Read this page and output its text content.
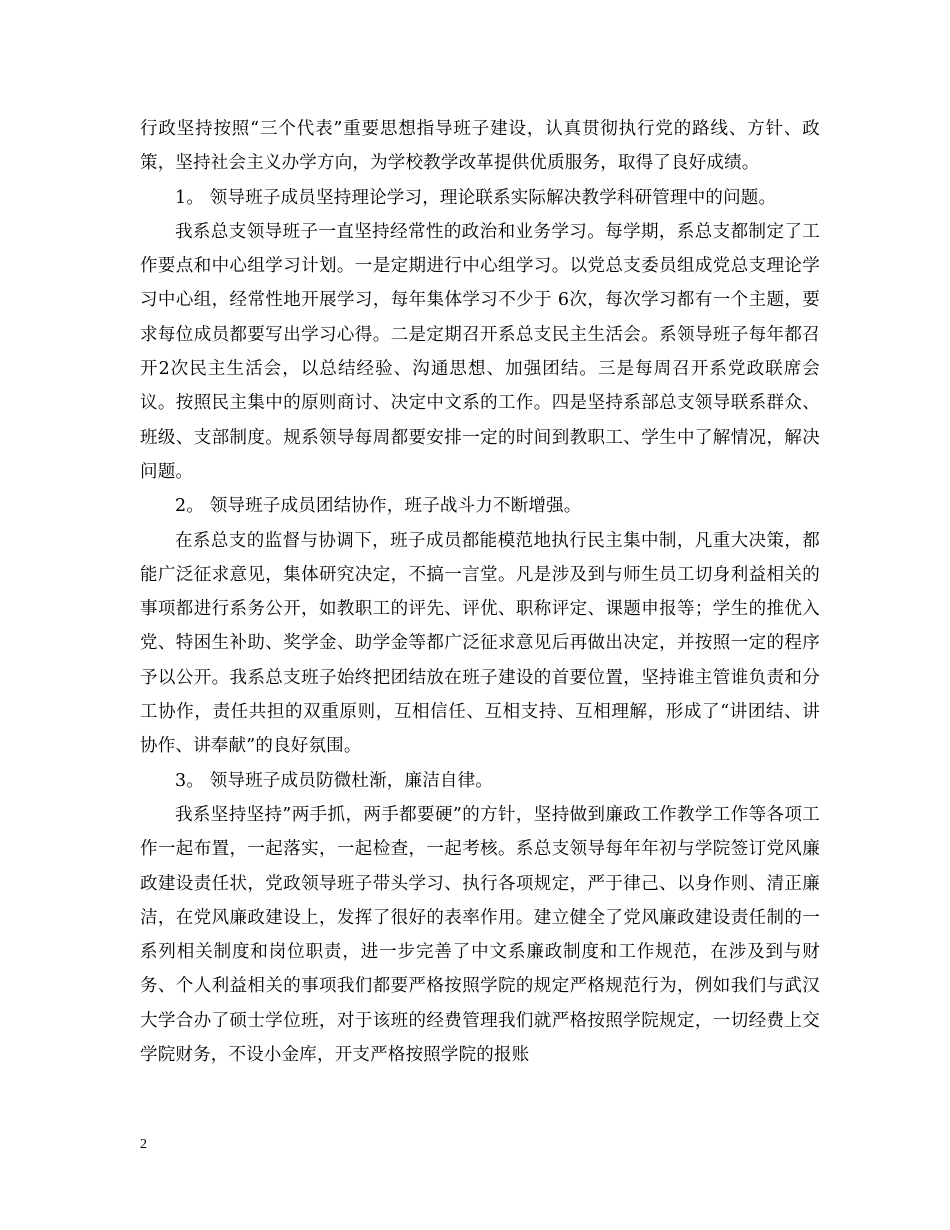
行政坚持按照“三个代表”重要思想指导班子建设，认真贯彻执行党的路线、方针、政策，坚持社会主义办学方向，为学校教学改革提供优质服务，取得了良好成绩。

1。 领导班子成员坚持理论学习，理论联系实际解决教学科研管理中的问题。

我系总支领导班子一直坚持经常性的政治和业务学习。每学期，系总支都制定了工作要点和中心组学习计划。一是定期进行中心组学习。以党总支委员组成党总支理论学习中心组，经常性地开展学习，每年集体学习不少于 6次，每次学习都有一个主题，要求每位成员都要写出学习心得。二是定期召开系总支民主生活会。系领导班子每年都召开2次民主生活会，以总结经验、沟通思想、加强团结。三是每周召开系党政联席会议。按照民主集中的原则商讨、决定中文系的工作。四是坚持系部总支领导联系群众、班级、支部制度。规系领导每周都要安排一定的时间到教职工、学生中了解情况，解决问题。

2。 领导班子成员团结协作，班子战斗力不断增强。

在系总支的监督与协调下，班子成员都能模范地执行民主集中制，凡重大决策，都能广泛征求意见，集体研究决定，不搞一言堂。凡是涉及到与师生员工切身利益相关的事项都进行系务公开，如教职工的评先、评优、职称评定、课题申报等；学生的推优入党、特困生补助、奖学金、助学金等都广泛征求意见后再做出决定，并按照一定的程序予以公开。我系总支班子始终把团结放在班子建设的首要位置，坚持谁主管谁负责和分工协作，责任共担的双重原则，互相信任、互相支持、互相理解，形成了“讲团结、讲协作、讲奉献”的良好氛围。

3。 领导班子成员防微杜渐，廉洁自律。

我系坚持坚持”两手抓，两手都要硬”的方针，坚持做到廉政工作教学工作等各项工作一起布置，一起落实，一起检查，一起考核。系总支领导每年年初与学院签订党风廉政建设责任状，党政领导班子带头学习、执行各项规定，严于律己、以身作则、清正廉洁，在党风廉政建设上，发挥了很好的表率作用。建立健全了党风廉政建设责任制的一系列相关制度和岗位职责，进一步完善了中文系廉政制度和工作规范，在涉及到与财务、个人利益相关的事项我们都要严格按照学院的规定严格规范行为，例如我们与武汉大学合办了硕士学位班，对于该班的经费管理我们就严格按照学院规定，一切经费上交学院财务，不设小金库，开支严格按照学院的报账

2
